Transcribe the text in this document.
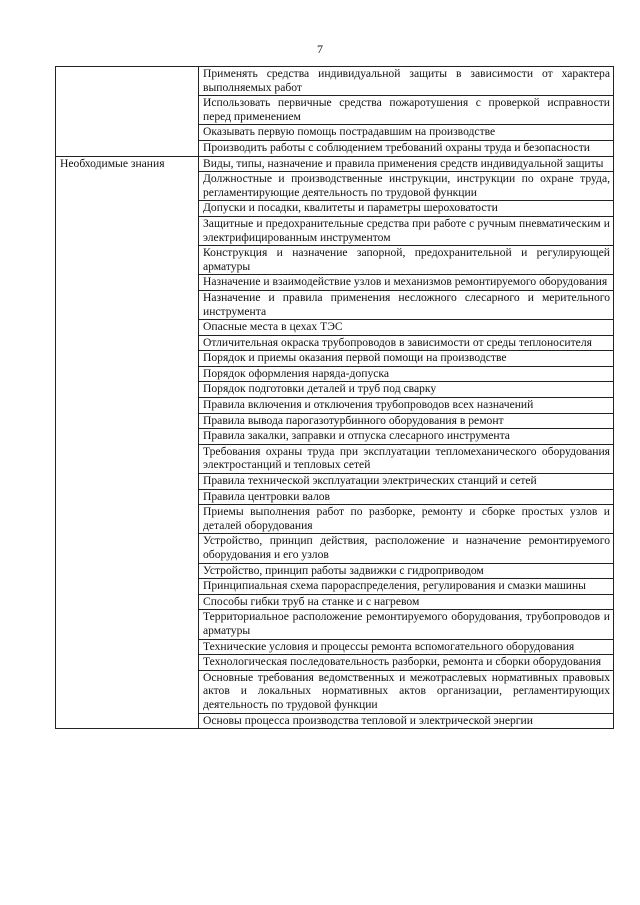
7
	Применять средства индивидуальной защиты в зависимости от характера выполняемых работ
	Использовать первичные средства пожаротушения с проверкой исправности перед применением
	Оказывать первую помощь пострадавшим на производстве
	Производить работы с соблюдением требований охраны труда и безопасности
Необходимые знания	Виды, типы, назначение и правила применения средств индивидуальной защиты
	Должностные и производственные инструкции, инструкции по охране труда, регламентирующие деятельность по трудовой функции
	Допуски и посадки, квалитеты и параметры шероховатости
	Защитные и предохранительные средства при работе с ручным пневматическим и электрифицированным инструментом
	Конструкция и назначение запорной, предохранительной и регулирующей арматуры
	Назначение и взаимодействие узлов и механизмов ремонтируемого оборудования
	Назначение и правила применения несложного слесарного и мерительного инструмента
	Опасные места в цехах ТЭС
	Отличительная окраска трубопроводов в зависимости от среды теплоносителя
	Порядок и приемы оказания первой помощи на производстве
	Порядок оформления наряда-допуска
	Порядок подготовки деталей и труб под сварку
	Правила включения и отключения трубопроводов всех назначений
	Правила вывода парогазотурбинного оборудования в ремонт
	Правила закалки, заправки и отпуска слесарного инструмента
	Требования охраны труда при эксплуатации тепломеханического оборудования электростанций и тепловых сетей
	Правила технической эксплуатации электрических станций и сетей
	Правила центровки валов
	Приемы выполнения работ по разборке, ремонту и сборке простых узлов и деталей оборудования
	Устройство, принцип действия, расположение и назначение ремонтируемого оборудования и его узлов
	Устройство, принцип работы задвижки с гидроприводом
	Принципиальная схема парораспределения, регулирования и смазки машины
	Способы гибки труб на станке и с нагревом
	Территориальное расположение ремонтируемого оборудования, трубопроводов и арматуры
	Технические условия и процессы ремонта вспомогательного оборудования
	Технологическая последовательность разборки, ремонта и сборки оборудования
	Основные требования ведомственных и межотраслевых нормативных правовых актов и локальных нормативных актов организации, регламентирующих деятельность по трудовой функции
	Основы процесса производства тепловой и электрической энергии
